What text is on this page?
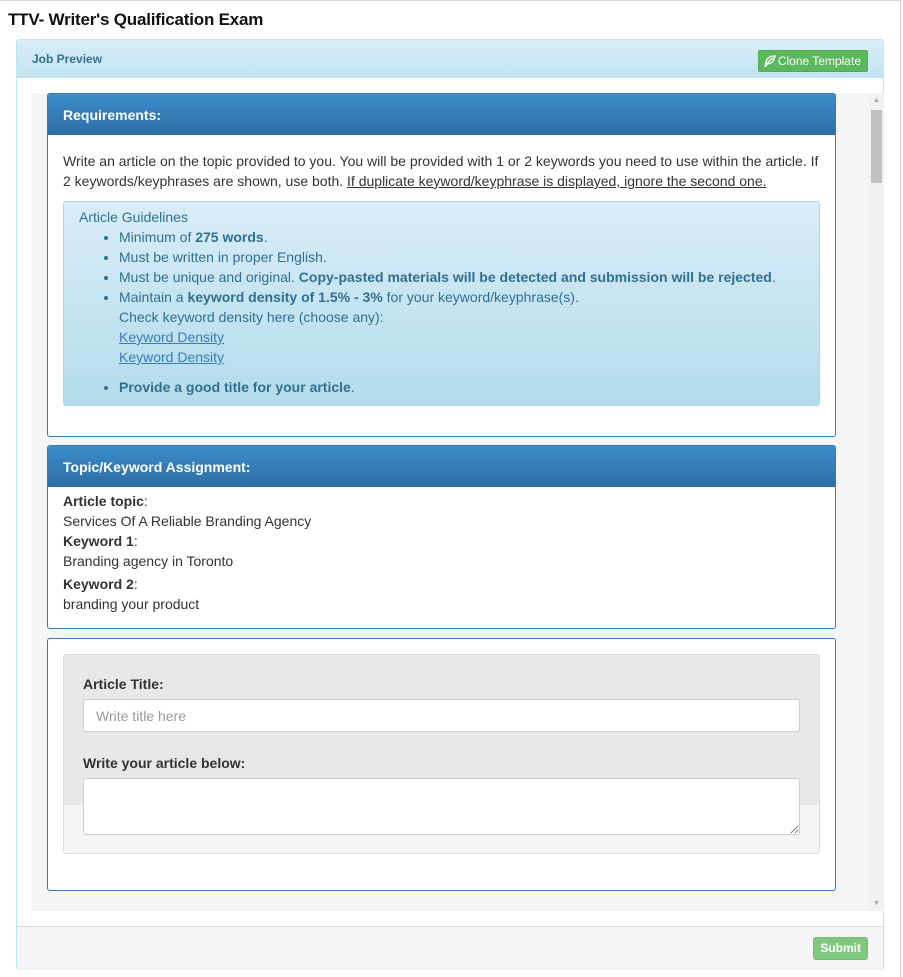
TTV- Writer's Qualification Exam
Job Preview	Clone Template
Requirements:
Write an article on the topic provided to you. You will be provided with 1 or 2 keywords you need to use within the article. If 2 keywords/keyphrases are shown, use both. If duplicate keyword/keyphrase is displayed, ignore the second one.
Article Guidelines
• Minimum of 275 words.
• Must be written in proper English.
• Must be unique and original. Copy-pasted materials will be detected and submission will be rejected.
• Maintain a keyword density of 1.5% - 3% for your keyword/keyphrase(s).
Check keyword density here (choose any):
Keyword Density
Keyword Density
• Provide a good title for your article.
Topic/Keyword Assignment:
Article topic:
Services Of A Reliable Branding Agency
Keyword 1:
Branding agency in Toronto
Keyword 2:
branding your product
Article Title:
Write title here
Write your article below:
▲
▼
Submit
